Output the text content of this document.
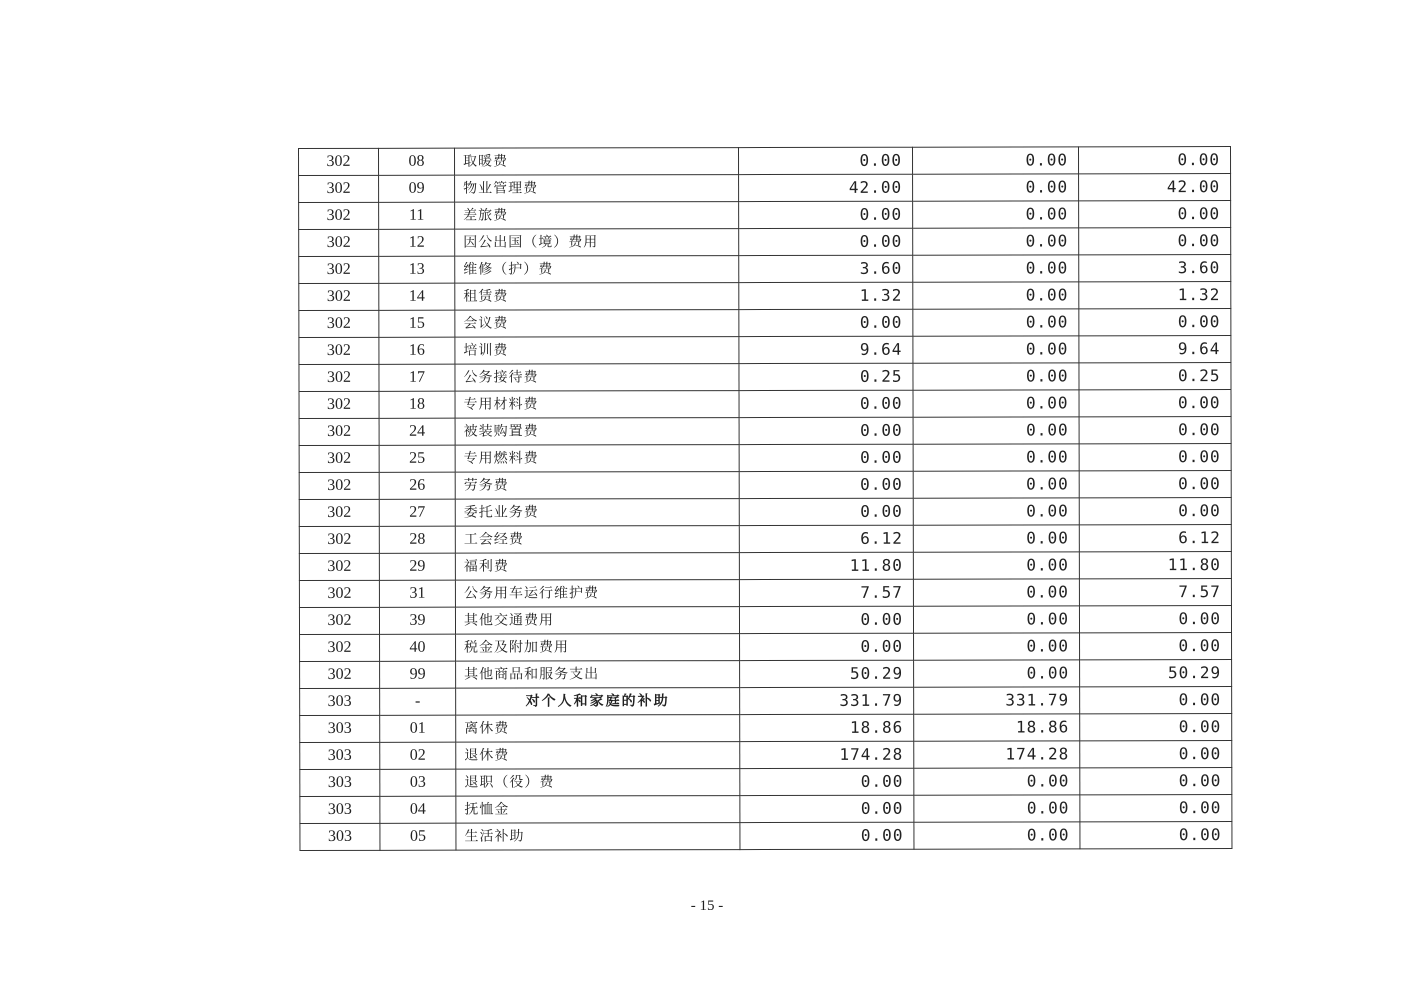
302	08	取暖费	0.00	0.00	0.00
302	09	物业管理费	42.00	0.00	42.00
302	11	差旅费	0.00	0.00	0.00
302	12	因公出国（境）费用	0.00	0.00	0.00
302	13	维修（护）费	3.60	0.00	3.60
302	14	租赁费	1.32	0.00	1.32
302	15	会议费	0.00	0.00	0.00
302	16	培训费	9.64	0.00	9.64
302	17	公务接待费	0.25	0.00	0.25
302	18	专用材料费	0.00	0.00	0.00
302	24	被装购置费	0.00	0.00	0.00
302	25	专用燃料费	0.00	0.00	0.00
302	26	劳务费	0.00	0.00	0.00
302	27	委托业务费	0.00	0.00	0.00
302	28	工会经费	6.12	0.00	6.12
302	29	福利费	11.80	0.00	11.80
302	31	公务用车运行维护费	7.57	0.00	7.57
302	39	其他交通费用	0.00	0.00	0.00
302	40	税金及附加费用	0.00	0.00	0.00
302	99	其他商品和服务支出	50.29	0.00	50.29
303	-	对个人和家庭的补助	331.79	331.79	0.00
303	01	离休费	18.86	18.86	0.00
303	02	退休费	174.28	174.28	0.00
303	03	退职（役）费	0.00	0.00	0.00
303	04	抚恤金	0.00	0.00	0.00
303	05	生活补助	0.00	0.00	0.00
- 15 -
